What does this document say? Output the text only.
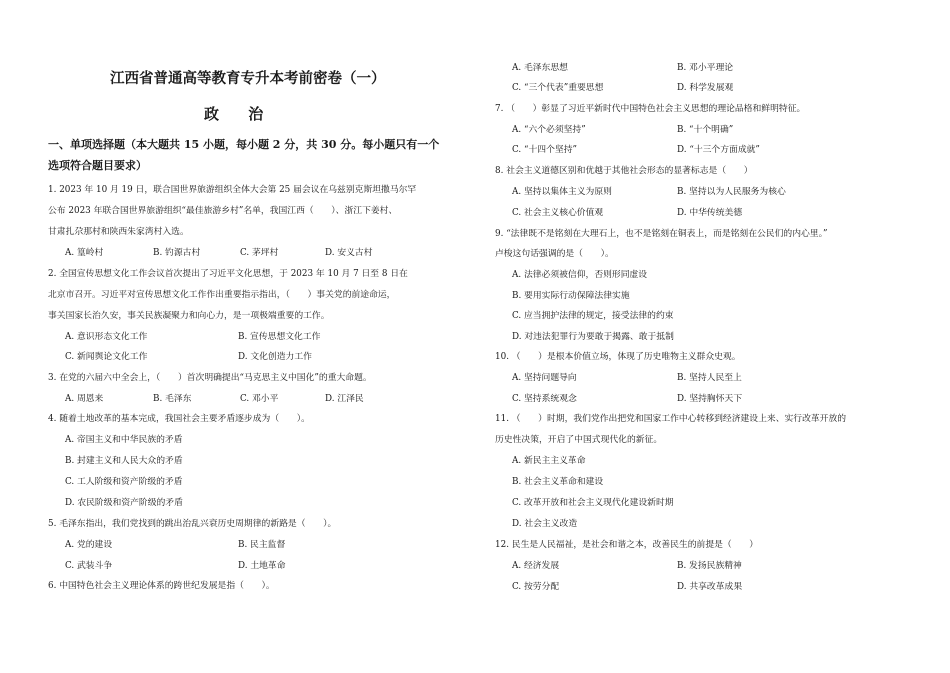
江西省普通高等教育专升本考前密卷（一）
政 治
一、单项选择题（本大题共 15 小题，每小题 2 分，共 30 分。每小题只有一个选项符合题目要求）
1. 2023 年 10 月 19 日，联合国世界旅游组织全体大会第 25 届会议在乌兹别克斯坦撒马尔罕
公布 2023 年联合国世界旅游组织“最佳旅游乡村”名单，我国江西（　　）、浙江下姜村、
甘肃扎尕那村和陕西朱家湾村入选。
A. 篁岭村	B. 钓源古村	C. 茅坪村	D. 安义古村
2. 全国宣传思想文化工作会议首次提出了习近平文化思想，于 2023 年 10 月 7 日至 8 日在
北京市召开。习近平对宣传思想文化工作作出重要指示指出，（　　）事关党的前途命运，
事关国家长治久安，事关民族凝聚力和向心力，是一项极端重要的工作。
A. 意识形态文化工作	B. 宣传思想文化工作
C. 新闻舆论文化工作	D. 文化创造力工作
3. 在党的六届六中全会上，（　　）首次明确提出“马克思主义中国化”的重大命题。
A. 周恩来	B. 毛泽东	C. 邓小平	D. 江泽民
4. 随着土地改革的基本完成，我国社会主要矛盾逐步成为（　　）。
A. 帝国主义和中华民族的矛盾
B. 封建主义和人民大众的矛盾
C. 工人阶级和资产阶级的矛盾
D. 农民阶级和资产阶级的矛盾
5. 毛泽东指出，我们党找到的跳出治乱兴衰历史周期律的新路是（　　）。
A. 党的建设	B. 民主监督
C. 武装斗争	D. 土地革命
6. 中国特色社会主义理论体系的跨世纪发展是指（　　）。
A. 毛泽东思想	B. 邓小平理论
C. “三个代表”重要思想	D. 科学发展观
7. （　　）彰显了习近平新时代中国特色社会主义思想的理论品格和鲜明特征。
A. “六个必须坚持”	B. “十个明确”
C. “十四个坚持”	D. “十三个方面成就”
8. 社会主义道德区别和优越于其他社会形态的显著标志是（　　）
A. 坚持以集体主义为原则	B. 坚持以为人民服务为核心
C. 社会主义核心价值观	D. 中华传统美德
9. “法律既不是铭刻在大理石上，也不是铭刻在铜表上，而是铭刻在公民们的内心里。”
卢梭这句话强调的是（　　）。
A. 法律必须被信仰，否则形同虚设
B. 要用实际行动保障法律实施
C. 应当拥护法律的规定，接受法律的约束
D. 对违法犯罪行为要敢于揭露、敢于抵制
10. （　　）是根本价值立场，体现了历史唯物主义群众史观。
A. 坚持问题导向	B. 坚持人民至上
C. 坚持系统观念	D. 坚持胸怀天下
11. （　　）时期，我们党作出把党和国家工作中心转移到经济建设上来、实行改革开放的
历史性决策，开启了中国式现代化的新征。
A. 新民主主义革命
B. 社会主义革命和建设
C. 改革开放和社会主义现代化建设新时期
D. 社会主义改造
12. 民生是人民福祉，是社会和谐之本，改善民生的前提是（　　）
A. 经济发展	B. 发扬民族精神
C. 按劳分配	D. 共享改革成果
